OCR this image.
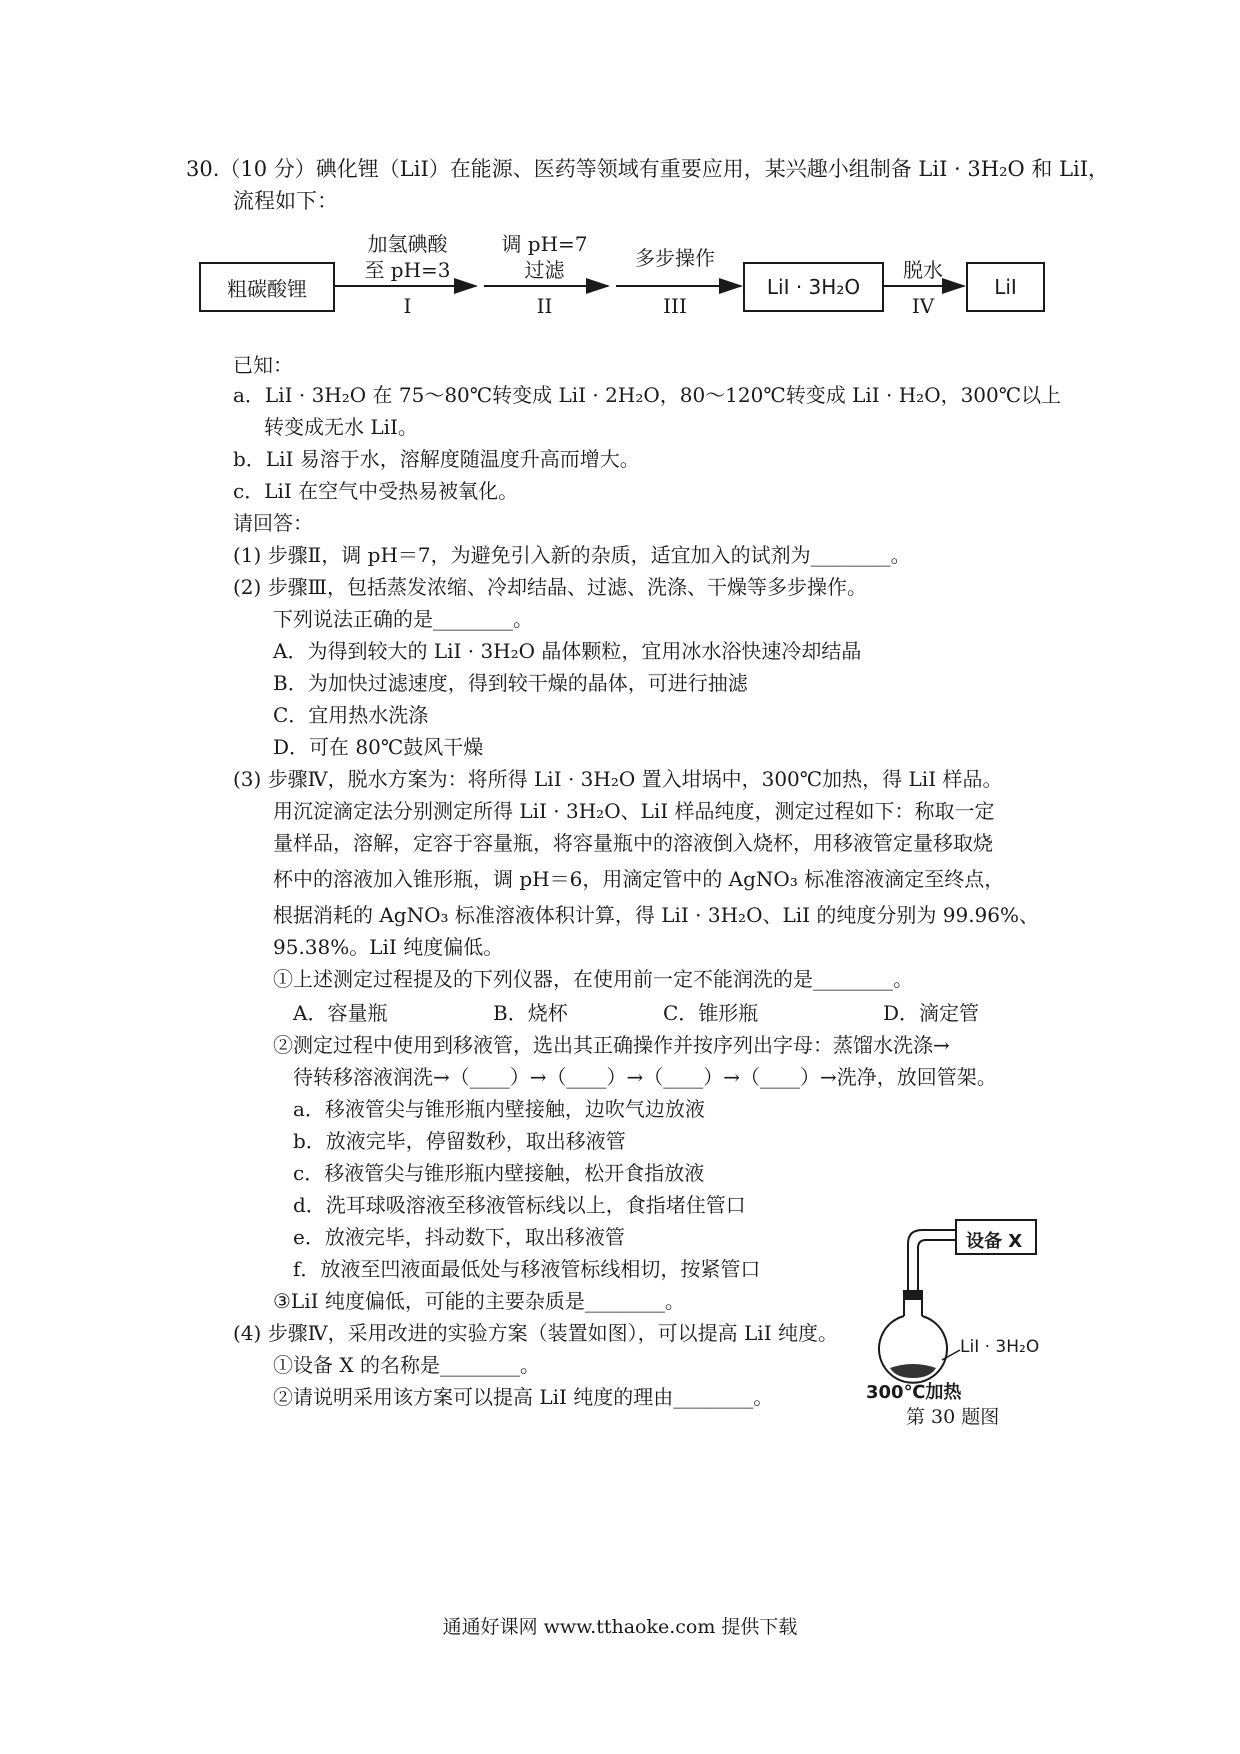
30.（10 分）碘化锂（LiI）在能源、医药等领域有重要应用，某兴趣小组制备 LiI · 3H₂O 和 LiI，
流程如下：
粗碳酸锂	LiI · 3H₂O	LiI
加氢碘酸
至 pH=3
I
调 pH=7
过滤
II
多步操作
III
脱水
IV
已知：
a．LiI · 3H₂O 在 75～80℃转变成 LiI · 2H₂O，80～120℃转变成 LiI · H₂O，300℃以上
转变成无水 LiI。
b．LiI 易溶于水，溶解度随温度升高而增大。
c．LiI 在空气中受热易被氧化。
请回答：
(1) 步骤Ⅱ，调 pH＝7，为避免引入新的杂质，适宜加入的试剂为________。
(2) 步骤Ⅲ，包括蒸发浓缩、冷却结晶、过滤、洗涤、干燥等多步操作。
下列说法正确的是________。
A．为得到较大的 LiI · 3H₂O 晶体颗粒，宜用冰水浴快速冷却结晶
B．为加快过滤速度，得到较干燥的晶体，可进行抽滤
C．宜用热水洗涤
D．可在 80℃鼓风干燥
(3) 步骤Ⅳ，脱水方案为：将所得 LiI · 3H₂O 置入坩埚中，300℃加热，得 LiI 样品。
用沉淀滴定法分别测定所得 LiI · 3H₂O、LiI 样品纯度，测定过程如下：称取一定
量样品，溶解，定容于容量瓶，将容量瓶中的溶液倒入烧杯，用移液管定量移取烧
杯中的溶液加入锥形瓶，调 pH＝6，用滴定管中的 AgNO₃ 标准溶液滴定至终点，
根据消耗的 AgNO₃ 标准溶液体积计算，得 LiI · 3H₂O、LiI 的纯度分别为 99.96%、
95.38%。LiI 纯度偏低。
①上述测定过程提及的下列仪器，在使用前一定不能润洗的是________。
A．容量瓶	B．烧杯	C．锥形瓶	D．滴定管
②测定过程中使用到移液管，选出其正确操作并按序列出字母：蒸馏水洗涤→
待转移溶液润洗→（____）→（____）→（____）→（____）→洗净，放回管架。
a．移液管尖与锥形瓶内壁接触，边吹气边放液
b．放液完毕，停留数秒，取出移液管
c．移液管尖与锥形瓶内壁接触，松开食指放液
d．洗耳球吸溶液至移液管标线以上，食指堵住管口
e．放液完毕，抖动数下，取出移液管
f．放液至凹液面最低处与移液管标线相切，按紧管口
③LiI 纯度偏低，可能的主要杂质是________。
(4) 步骤Ⅳ，采用改进的实验方案（装置如图），可以提高 LiI 纯度。
①设备 X 的名称是________。
②请说明采用该方案可以提高 LiI 纯度的理由________。
设备 X
LiI · 3H₂O
300℃加热
第 30 题图
通通好课网 www.tthaoke.com 提供下载
